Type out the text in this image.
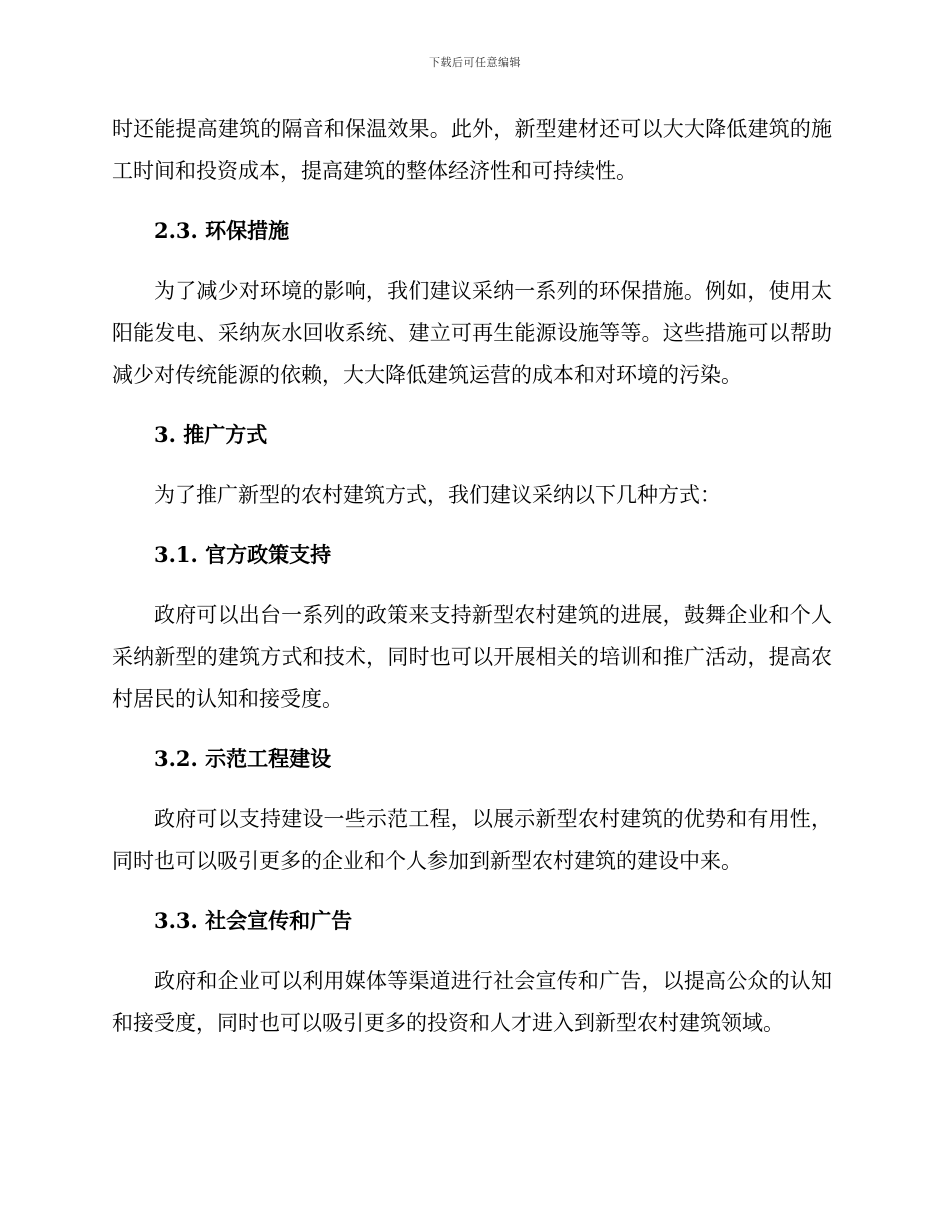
下载后可任意编辑

时还能提高建筑的隔音和保温效果。此外，新型建材还可以大大降低建筑的施工时间和投资成本，提高建筑的整体经济性和可持续性。

2.3. 环保措施

为了减少对环境的影响，我们建议采纳一系列的环保措施。例如，使用太阳能发电、采纳灰水回收系统、建立可再生能源设施等等。这些措施可以帮助减少对传统能源的依赖，大大降低建筑运营的成本和对环境的污染。

3. 推广方式

为了推广新型的农村建筑方式，我们建议采纳以下几种方式：

3.1. 官方政策支持

政府可以出台一系列的政策来支持新型农村建筑的进展，鼓舞企业和个人采纳新型的建筑方式和技术，同时也可以开展相关的培训和推广活动，提高农村居民的认知和接受度。

3.2. 示范工程建设

政府可以支持建设一些示范工程，以展示新型农村建筑的优势和有用性，同时也可以吸引更多的企业和个人参加到新型农村建筑的建设中来。

3.3. 社会宣传和广告

政府和企业可以利用媒体等渠道进行社会宣传和广告，以提高公众的认知和接受度，同时也可以吸引更多的投资和人才进入到新型农村建筑领域。
